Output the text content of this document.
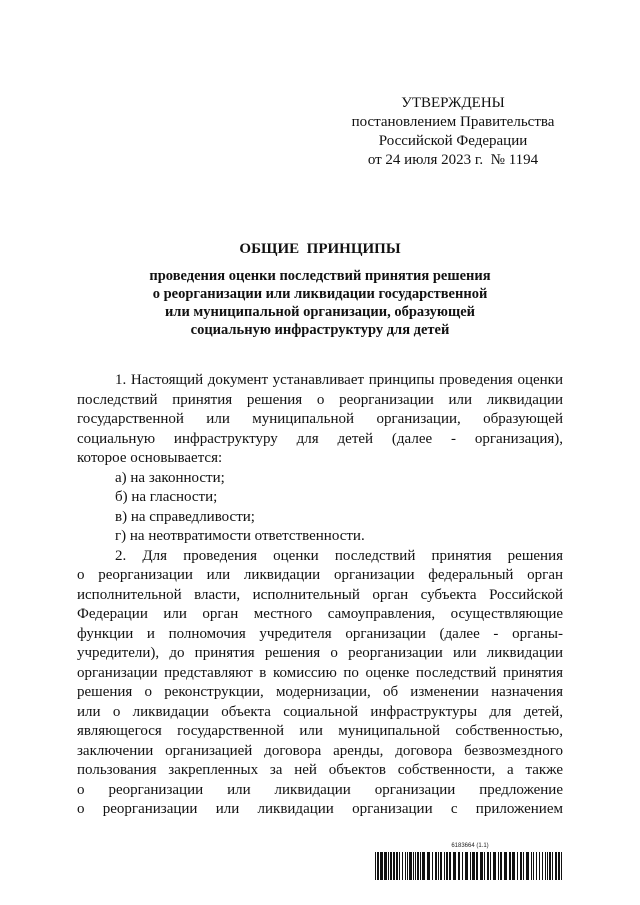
УТВЕРЖДЕНЫ
постановлением Правительства
Российской Федерации
от 24 июля 2023 г.  № 1194
ОБЩИЕ  ПРИНЦИПЫ
проведения оценки последствий принятия решения
о реорганизации или ликвидации государственной
или муниципальной организации, образующей
социальную инфраструктуру для детей
1. Настоящий документ устанавливает принципы проведения оценки
последствий принятия решения о реорганизации или ликвидации
государственной или муниципальной организации, образующей
социальную инфраструктуру для детей (далее - организация),
которое основывается:
а) на законности;
б) на гласности;
в) на справедливости;
г) на неотвратимости ответственности.
2. Для проведения оценки последствий принятия решения
о реорганизации или ликвидации организации федеральный орган
исполнительной власти, исполнительный орган субъекта Российской
Федерации или орган местного самоуправления, осуществляющие
функции и полномочия учредителя организации (далее - органы-
учредители), до принятия решения о реорганизации или ликвидации
организации представляют в комиссию по оценке последствий принятия
решения о реконструкции, модернизации, об изменении назначения
или о ликвидации объекта социальной инфраструктуры для детей,
являющегося государственной или муниципальной собственностью,
заключении организацией договора аренды, договора безвозмездного
пользования закрепленных за ней объектов собственности, а также
о реорганизации или ликвидации организации предложение
о реорганизации или ликвидации организации с приложением
6183664 (1.1)
